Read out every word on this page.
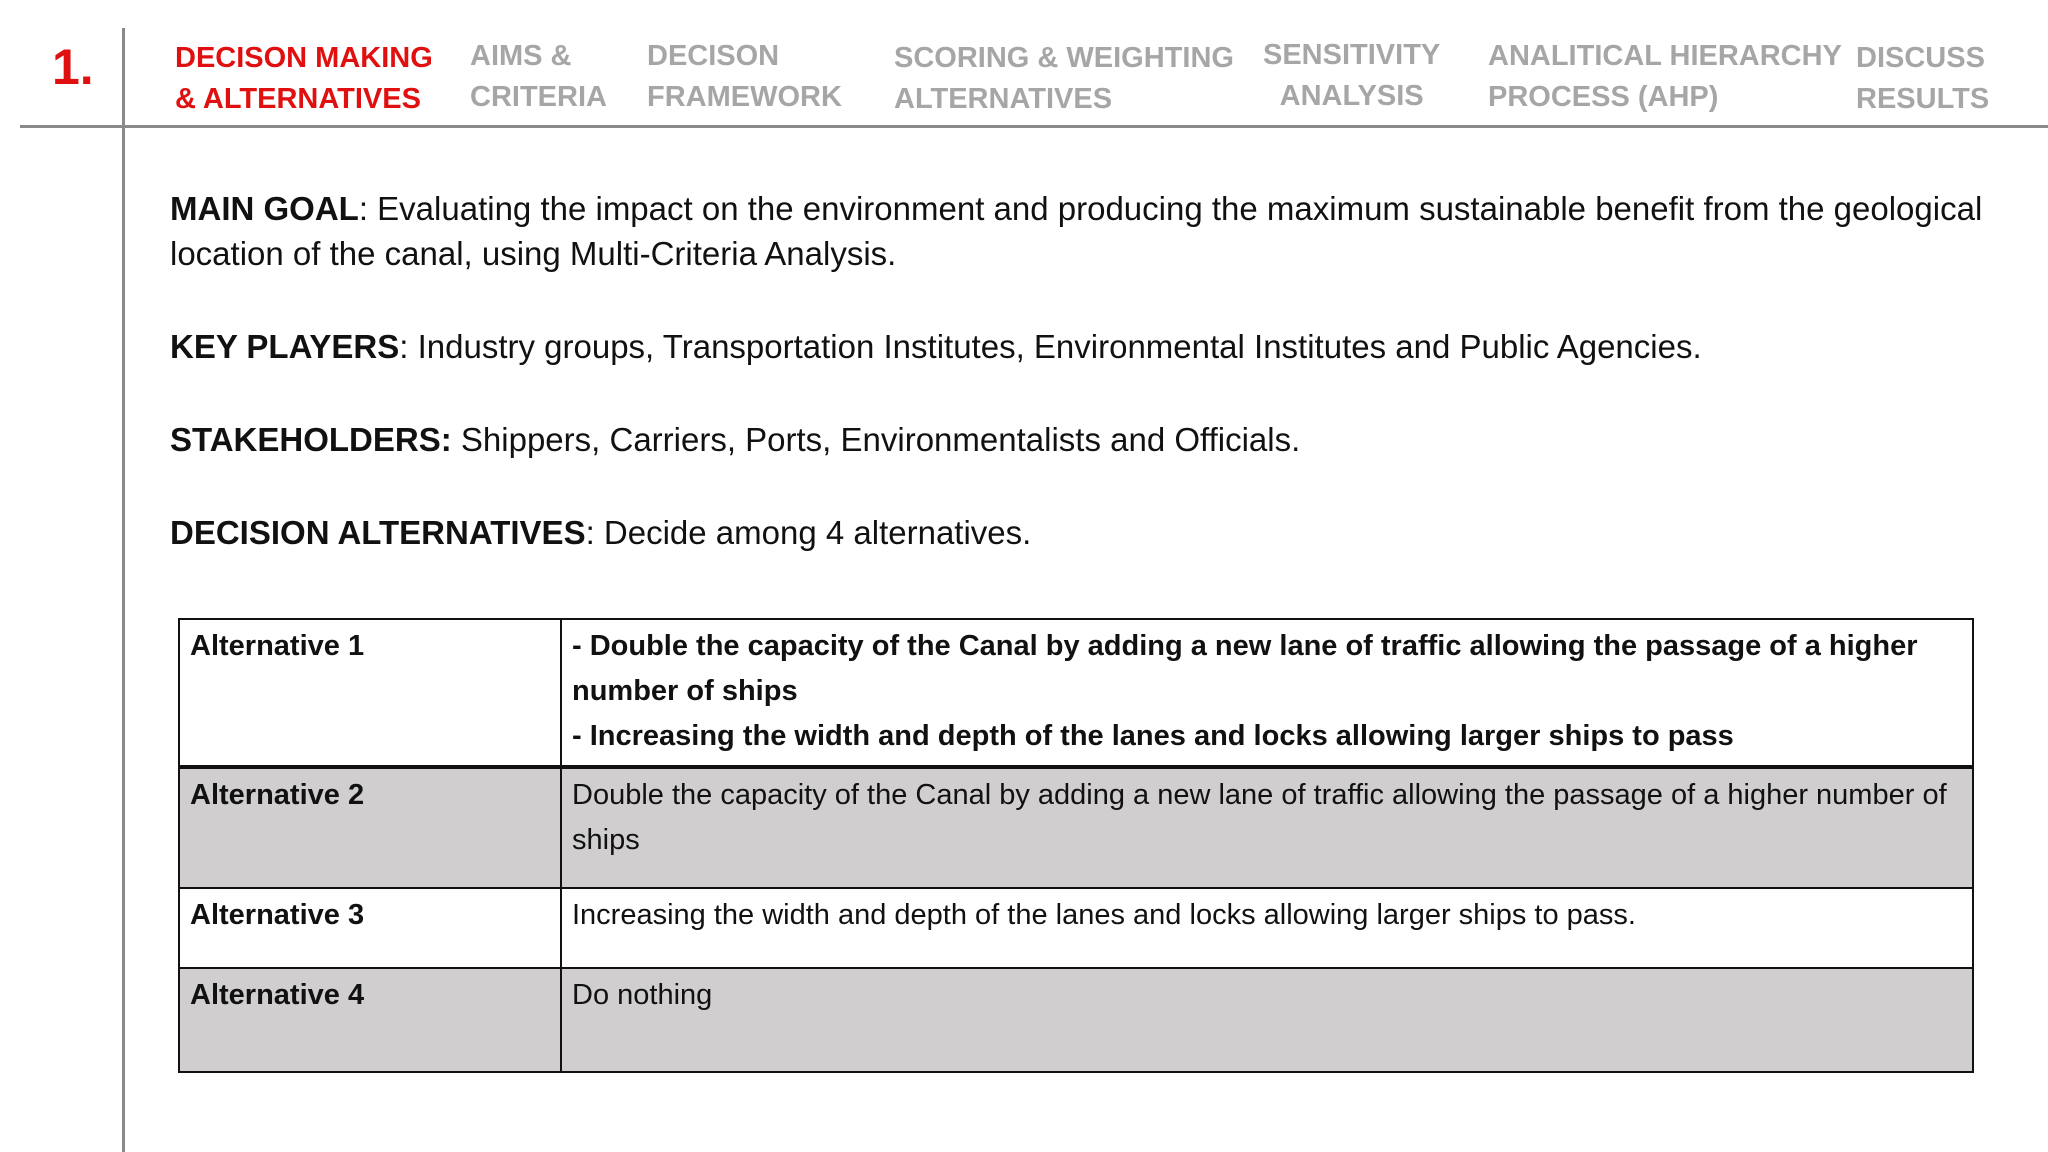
1.	DECISON MAKING
& ALTERNATIVES
AIMS &
CRITERIA
DECISON
FRAMEWORK
SCORING & WEIGHTING
ALTERNATIVES
SENSITIVITY
ANALYSIS
ANALITICAL HIERARCHY
PROCESS (AHP)
DISCUSS
RESULTS

MAIN GOAL: Evaluating the impact on the environment and producing the maximum sustainable benefit from the geological location of the canal, using Multi-Criteria Analysis.

KEY PLAYERS: Industry groups, Transportation Institutes, Environmental Institutes and Public Agencies.

STAKEHOLDERS: Shippers, Carriers, Ports, Environmentalists and Officials.

DECISION ALTERNATIVES: Decide among 4 alternatives.

Alternative 1	- Double the capacity of the Canal by adding a new lane of traffic allowing the passage of a higher number of ships
- Increasing the width and depth of the lanes and locks allowing larger ships to pass

Alternative 2	Double the capacity of the Canal by adding a new lane of traffic allowing the passage of a higher number of ships

Alternative 3	Increasing the width and depth of the lanes and locks allowing larger ships to pass.

Alternative 4	Do nothing
